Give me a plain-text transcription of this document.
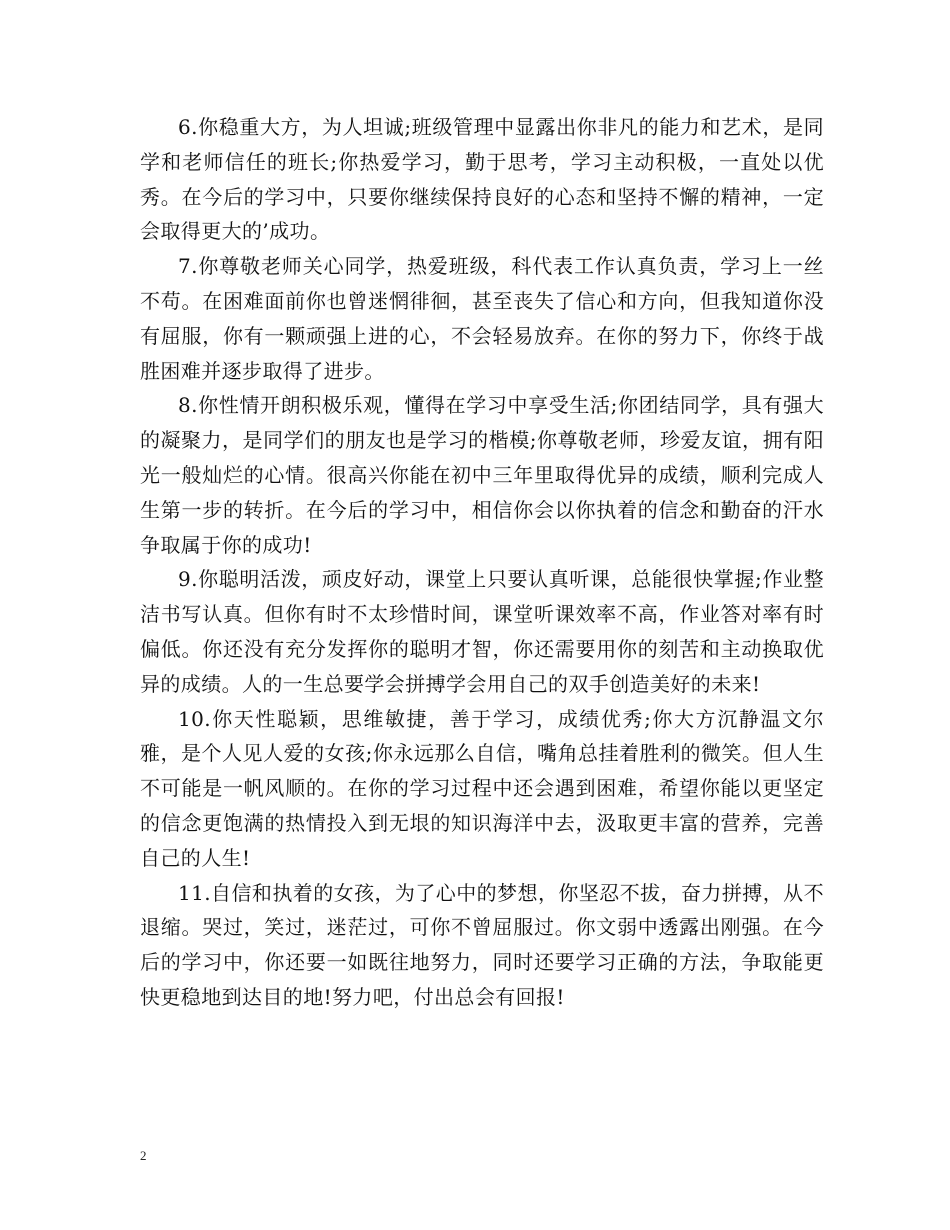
6.你稳重大方，为人坦诚;班级管理中显露出你非凡的能力和艺术，是同学和老师信任的班长;你热爱学习，勤于思考，学习主动积极，一直处以优秀。在今后的学习中，只要你继续保持良好的心态和坚持不懈的精神，一定会取得更大的’成功。

7.你尊敬老师关心同学，热爱班级，科代表工作认真负责，学习上一丝不苟。在困难面前你也曾迷惘徘徊，甚至丧失了信心和方向，但我知道你没有屈服，你有一颗顽强上进的心，不会轻易放弃。在你的努力下，你终于战胜困难并逐步取得了进步。

8.你性情开朗积极乐观，懂得在学习中享受生活;你团结同学，具有强大的凝聚力，是同学们的朋友也是学习的楷模;你尊敬老师，珍爱友谊，拥有阳光一般灿烂的心情。很高兴你能在初中三年里取得优异的成绩，顺利完成人生第一步的转折。在今后的学习中，相信你会以你执着的信念和勤奋的汗水争取属于你的成功!

9.你聪明活泼，顽皮好动，课堂上只要认真听课，总能很快掌握;作业整洁书写认真。但你有时不太珍惜时间，课堂听课效率不高，作业答对率有时偏低。你还没有充分发挥你的聪明才智，你还需要用你的刻苦和主动换取优异的成绩。人的一生总要学会拼搏学会用自己的双手创造美好的未来!

10.你天性聪颖，思维敏捷，善于学习，成绩优秀;你大方沉静温文尔雅，是个人见人爱的女孩;你永远那么自信，嘴角总挂着胜利的微笑。但人生不可能是一帆风顺的。在你的学习过程中还会遇到困难，希望你能以更坚定的信念更饱满的热情投入到无垠的知识海洋中去，汲取更丰富的营养，完善自己的人生!

11.自信和执着的女孩，为了心中的梦想，你坚忍不拔，奋力拼搏，从不退缩。哭过，笑过，迷茫过，可你不曾屈服过。你文弱中透露出刚强。在今后的学习中，你还要一如既往地努力，同时还要学习正确的方法，争取能更快更稳地到达目的地!努力吧，付出总会有回报!

2
